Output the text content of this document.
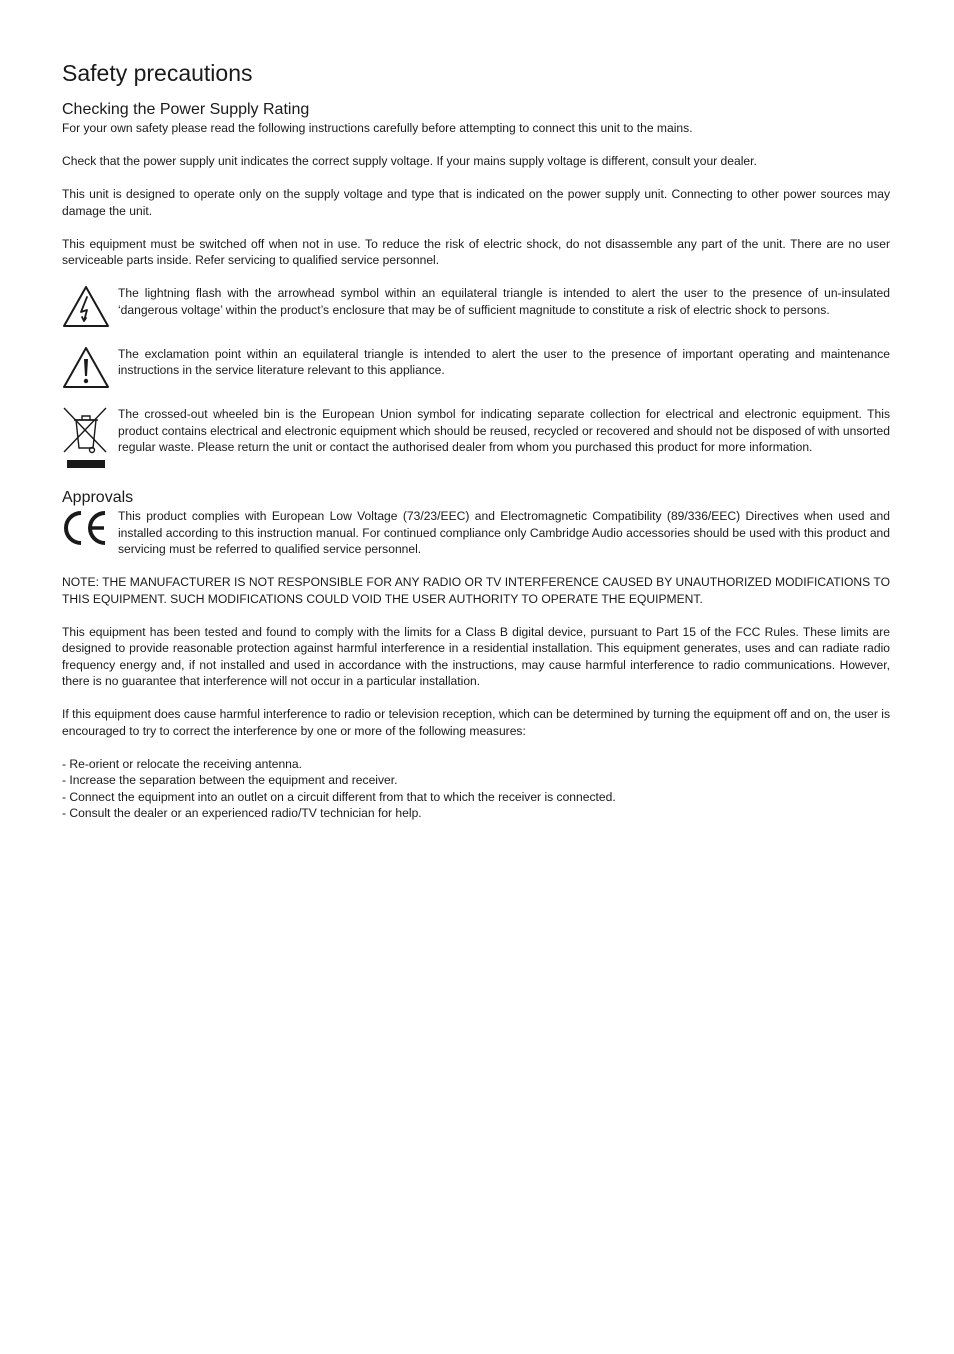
Safety precautions
Checking the Power Supply Rating

For your own safety please read the following instructions carefully before attempting to connect this unit to the mains.

Check that the power supply unit indicates the correct supply voltage. If your mains supply voltage is different, consult your dealer.

This unit is designed to operate only on the supply voltage and type that is indicated on the power supply unit. Connecting to other power sources may damage the unit.

This equipment must be switched off when not in use. To reduce the risk of electric shock, do not disassemble any part of the unit. There are no user serviceable parts inside. Refer servicing to qualified service personnel.

The lightning flash with the arrowhead symbol within an equilateral triangle is intended to alert the user to the presence of un-insulated ‘dangerous voltage’ within the product’s enclosure that may be of sufficient magnitude to constitute a risk of electric shock to persons.

The exclamation point within an equilateral triangle is intended to alert the user to the presence of important operating and maintenance instructions in the service literature relevant to this appliance.

The crossed-out wheeled bin is the European Union symbol for indicating separate collection for electrical and electronic equipment. This product contains electrical and electronic equipment which should be reused, recycled or recovered and should not be disposed of with unsorted regular waste. Please return the unit or contact the authorised dealer from whom you purchased this product for more information.

Approvals

This product complies with European Low Voltage (73/23/EEC) and Electromagnetic Compatibility (89/336/EEC) Directives when used and installed according to this instruction manual. For continued compliance only Cambridge Audio accessories should be used with this product and servicing must be referred to qualified service personnel.

NOTE: THE MANUFACTURER IS NOT RESPONSIBLE FOR ANY RADIO OR TV INTERFERENCE CAUSED BY UNAUTHORIZED MODIFICATIONS TO THIS EQUIPMENT. SUCH MODIFICATIONS COULD VOID THE USER AUTHORITY TO OPERATE THE EQUIPMENT.

This equipment has been tested and found to comply with the limits for a Class B digital device, pursuant to Part 15 of the FCC Rules. These limits are designed to provide reasonable protection against harmful interference in a residential installation. This equipment generates, uses and can radiate radio frequency energy and, if not installed and used in accordance with the instructions, may cause harmful interference to radio communications. However, there is no guarantee that interference will not occur in a particular installation.

If this equipment does cause harmful interference to radio or television reception, which can be determined by turning the equipment off and on, the user is encouraged to try to correct the interference by one or more of the following measures:

- Re-orient or relocate the receiving antenna.

- Increase the separation between the equipment and receiver.

- Connect the equipment into an outlet on a circuit different from that to which the receiver is connected.

- Consult the dealer or an experienced radio/TV technician for help.
